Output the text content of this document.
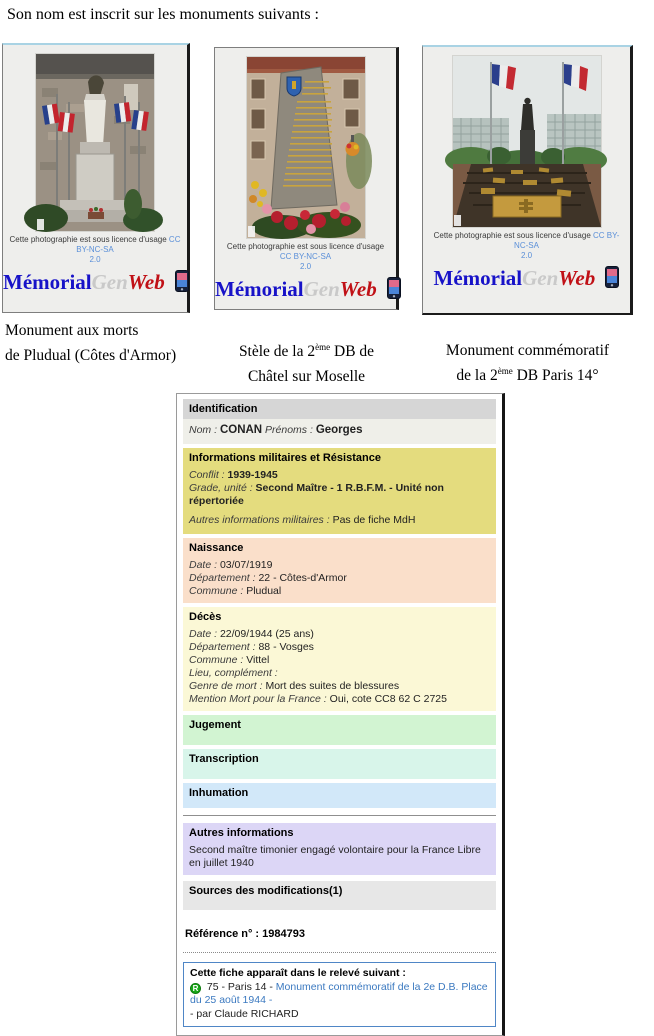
Son nom est inscrit sur les monuments suivants :
Cette photographie est sous licence d'usage CC BY-NC-SA
2.0
MémorialGenWeb
Cette photographie est sous licence d'usage CC BY-NC-SA
2.0
MémorialGenWeb
Cette photographie est sous licence d'usage CC BY-NC-SA
2.0
MémorialGenWeb
Monument aux morts
de Pludual (Côtes d'Armor)	Stèle de la 2ème DB de
Châtel sur Moselle
Monument commémoratif
de la 2ème DB Paris 14°
Identification
Nom : CONAN Prénoms : Georges
Informations militaires et Résistance
Conflit : 1939-1945
Grade, unité : Second Maître - 1 R.B.F.M. - Unité non répertoriée
Autres informations militaires : Pas de fiche MdH
Naissance
Date : 03/07/1919
Département : 22 - Côtes-d'Armor
Commune : Pludual
Décès
Date : 22/09/1944 (25 ans)
Département : 88 - Vosges
Commune : Vittel
Lieu, complément :
Genre de mort : Mort des suites de blessures
Mention Mort pour la France : Oui, cote CC8 62 C 2725
Jugement
Transcription
Inhumation
Autres informations
Second maître timonier engagé volontaire pour la France Libre en juillet 1940
Sources des modifications(1)
Référence n° : 1984793
Cette fiche apparaît dans le relevé suivant :
R 75 - Paris 14 - Monument commémoratif de la 2e D.B. Place du 25 août 1944 -
- par Claude RICHARD
